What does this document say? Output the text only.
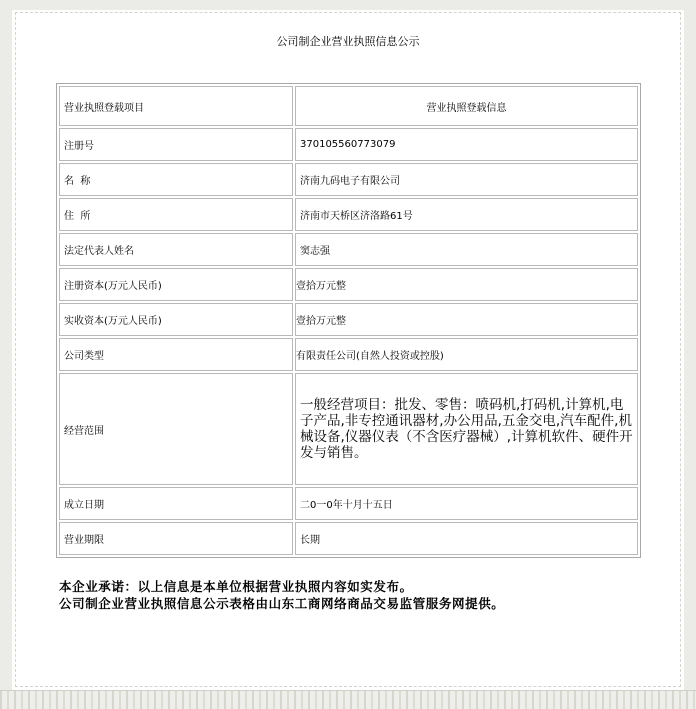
公司制企业营业执照信息公示
营业执照登载项目	营业执照登载信息
注册号	370105560773079
名  称	济南九码电子有限公司
住  所	济南市天桥区济洛路61号
法定代表人姓名	窦志强
注册资本(万元人民币)	壹拾万元整
实收资本(万元人民币)	壹拾万元整
公司类型	有限责任公司(自然人投资或控股)
经营范围	一般经营项目：批发、零售：喷码机,打码机,计算机,电子产品,非专控通讯器材,办公用品,五金交电,汽车配件,机械设备,仪器仪表（不含医疗器械）,计算机软件、硬件开发与销售。
成立日期	二0一0年十月十五日
营业期限	长期
本企业承诺：以上信息是本单位根据营业执照内容如实发布。
公司制企业营业执照信息公示表格由山东工商网络商品交易监管服务网提供。
